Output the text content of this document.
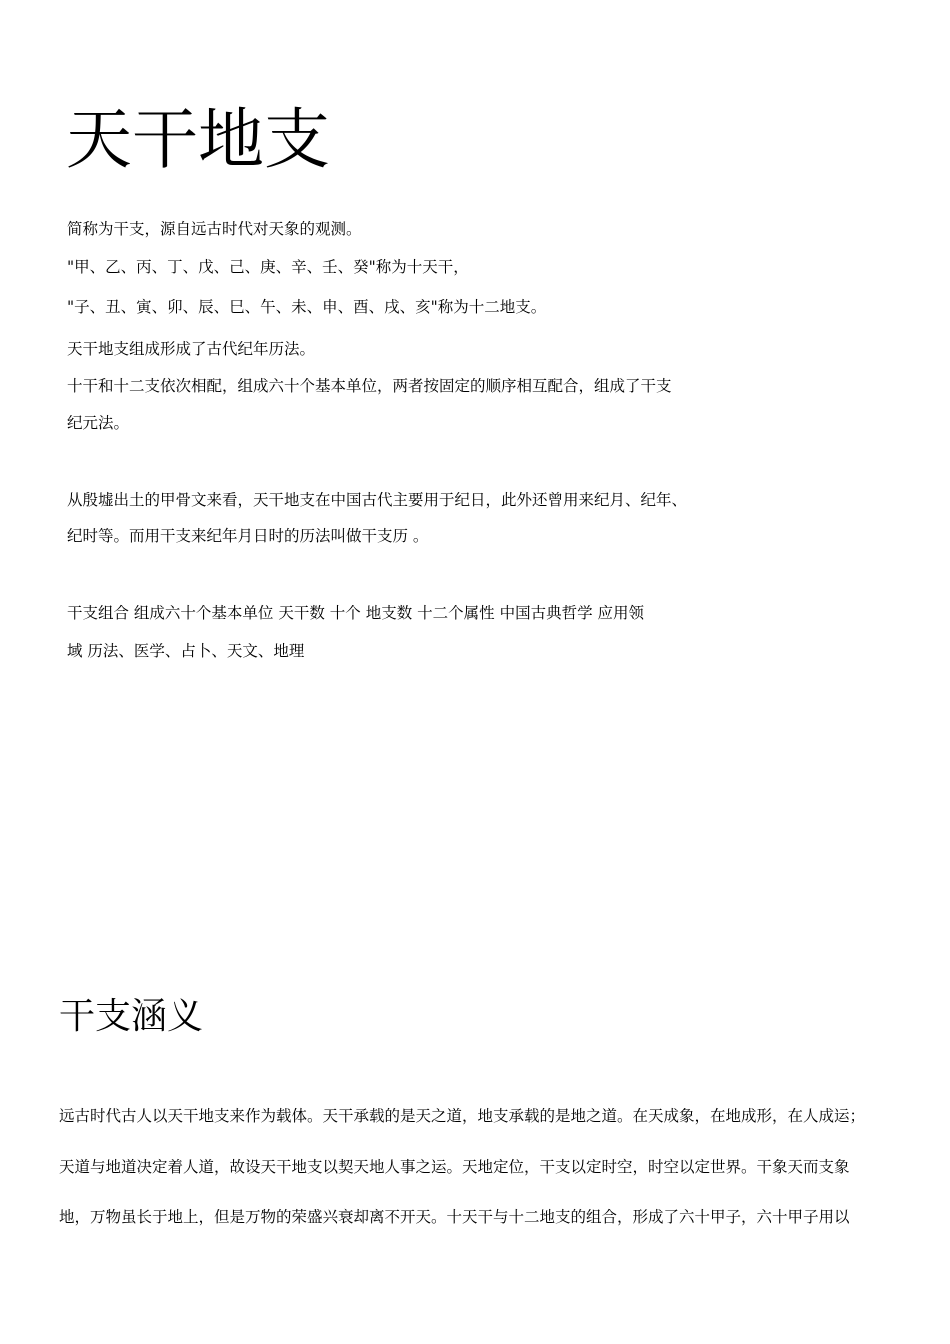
天干地支

简称为干支，源自远古时代对天象的观测。

"甲、乙、丙、丁、戊、己、庚、辛、壬、癸"称为十天干，

"子、丑、寅、卯、辰、巳、午、未、申、酉、戌、亥"称为十二地支。

天干地支组成形成了古代纪年历法。

十干和十二支依次相配，组成六十个基本单位，两者按固定的顺序相互配合，组成了干支

纪元法。

从殷墟出土的甲骨文来看，天干地支在中国古代主要用于纪日，此外还曾用来纪月、纪年、

纪时等。而用干支来纪年月日时的历法叫做干支历 。

干支组合 组成六十个基本单位 天干数 十个 地支数 十二个属性 中国古典哲学 应用领

域 历法、医学、占卜、天文、地理

干支涵义

远古时代古人以天干地支来作为载体。天干承载的是天之道，地支承载的是地之道。在天成象，在地成形，在人成运；

天道与地道决定着人道，故设天干地支以契天地人事之运。天地定位，干支以定时空，时空以定世界。干象天而支象

地，万物虽长于地上，但是万物的荣盛兴衰却离不开天。十天干与十二地支的组合，形成了六十甲子，六十甲子用以
